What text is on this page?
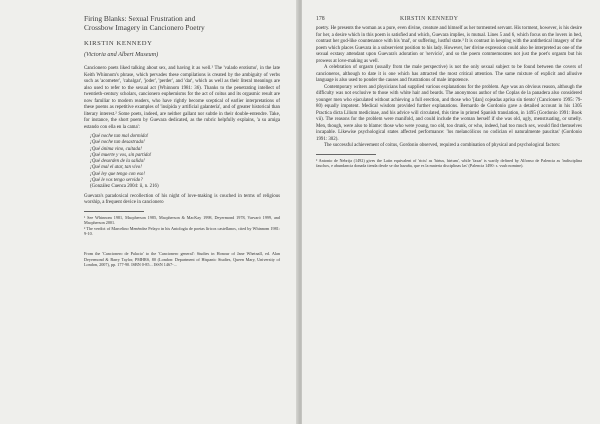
Firing Blanks: Sexual Frustration and
Crossbow Imagery in Cancionero Poetry
KIRSTIN KENNEDY
(Victoria and Albert Museum)

Cancionero poets liked talking about sex, and having it as well.¹ The 'valado erotismo', in the late Keith Whinnom's phrase, which pervades these compilations is created by the ambiguity of verbs such as 'acometer', 'cabalgar', 'joder', 'perder', and 'dar', which as well as their literal meanings are also used to refer to the sexual act (Whinnom 1981: 36). Thanks to the penetrating intellect of twentieth-century scholars, cancionero euphemisms for the act of coitus and its orgasmic result are now familiar to modern readers, who have rightly become sceptical of earlier interpretations of these poems as repetitive examples of 'insípida y artificial galantería', and of greater historical than literary interest.² Some poets, indeed, are neither gallant nor subtle in their double-entendre. Take, for instance, the short poem by Guevara dedicated, as the rubric helpfully explains, 'a su amiga estando con ella en la cama':

¡Qué noche tan mal dormida!
¡Qué noche tan desastrada!
¡Qué ánima vino, cuitada!
¡Qué muerte y vos, sin partida!
¡Qué desorden de la salida!
¡Qué mal el atar, tan vivo!
¡Qué ley que tengo con eso!
¡Qué le vos tengo servido?
(González Cuenca 2004: ii, n. 216)

Guevara's paradoxical recollection of his night of love-making is couched in terms of religious worship, a frequent device in cancionero

¹ See Whinnom 1981, Macpherson 1985, Macpherson & MacKay 1998, Deyermond 1978, Varvaró 1999, and Macpherson 2001.

² The verdict of Marcelino Menéndez Pelayo in his Antología de poetas líricos castellanos, cited by Whinnom 1981: 9-10.

From the 'Cancionero de Palacio' to the 'Cancionero general': Studies in Honour of Jane Whetnall, ed. Alan Deyermond & Barry Taylor, PMHRS, 80 (London: Department of Hispanic Studies, Queen Mary, University of London, 2007), pp. 177-90. ISBN 0-85... ISSN 1467-...
178	KIRSTIN KENNEDY

poetry. He presents the woman as a pure, even divine, creature and himself as her tormented servant. His torment, however, is his desire for her, a desire which in this poem is satisfied and which, Guevara implies, is mutual. Lines 5 and 6, which focus on the lovers in bed, contrast her god-like countenance with his 'mal', or suffering, lustful state.³ It is contrast in keeping with the antithetical imagery of the poem which places Guevara in a subservient position to his lady. However, her divine expression could also be interpreted as one of the sexual ecstasy attendant upon Guevara's adoration or 'servicio', and so the poem commemorates not just the poet's orgasm but his prowess at love-making as well.

A celebration of orgasm (usually from the male perspective) is not the only sexual subject to be found between the covers of cancioneros, although to date it is one which has attracted the most critical attention. The same mixture of explicit and allusive language is also used to ponder the causes and frustrations of male impotence.

Contemporary writers and physicians had supplied various explanations for the problem. Age was an obvious reason, although the difficulty was not exclusive to those with white hair and beards. The anonymous author of the Coplas de la panadera also considered younger men who ejaculated without achieving a full erection, and those who '[dan] cojeadas aprisa sin tiento' (Cancionero 1995: 79-80) equally impotent. Medical wisdom provided further explanations. Bernardo de Gordonio gave a detailed account in his 1305 Practica dicta Lilium medicinae, and his advice will circulated, this time in printed Spanish translation, in 1495 (Gordonio 1991: Book vii). The reasons for the problem were manifold, and could include the woman herself if she was old, ugly, menstruating, or smelly. Men, though, were also to blame: those who were young, too old, too drunk, or who, indeed, had too much sex, would find themselves incapable. Likewise psychological states affected performance: 'los melancólicos no codician el naturalmente paucitas' (Gordonio 1991: 302).

The successful achievement of coitus, Gordonio observed, required a combination of physical and psychological factors:

³ Antonio de Nebrija (1492) gives the Latin equivalent of 'rictu' as 'hirtus, hirtum', while 'faxar' is warily defined by Alfonso de Palencia as 'indisciplina fauchos, e abundancia donada tienda desde se dar hazaña, que es la materia disciplinas las' (Palencia 1490: s. vsub nomine).
